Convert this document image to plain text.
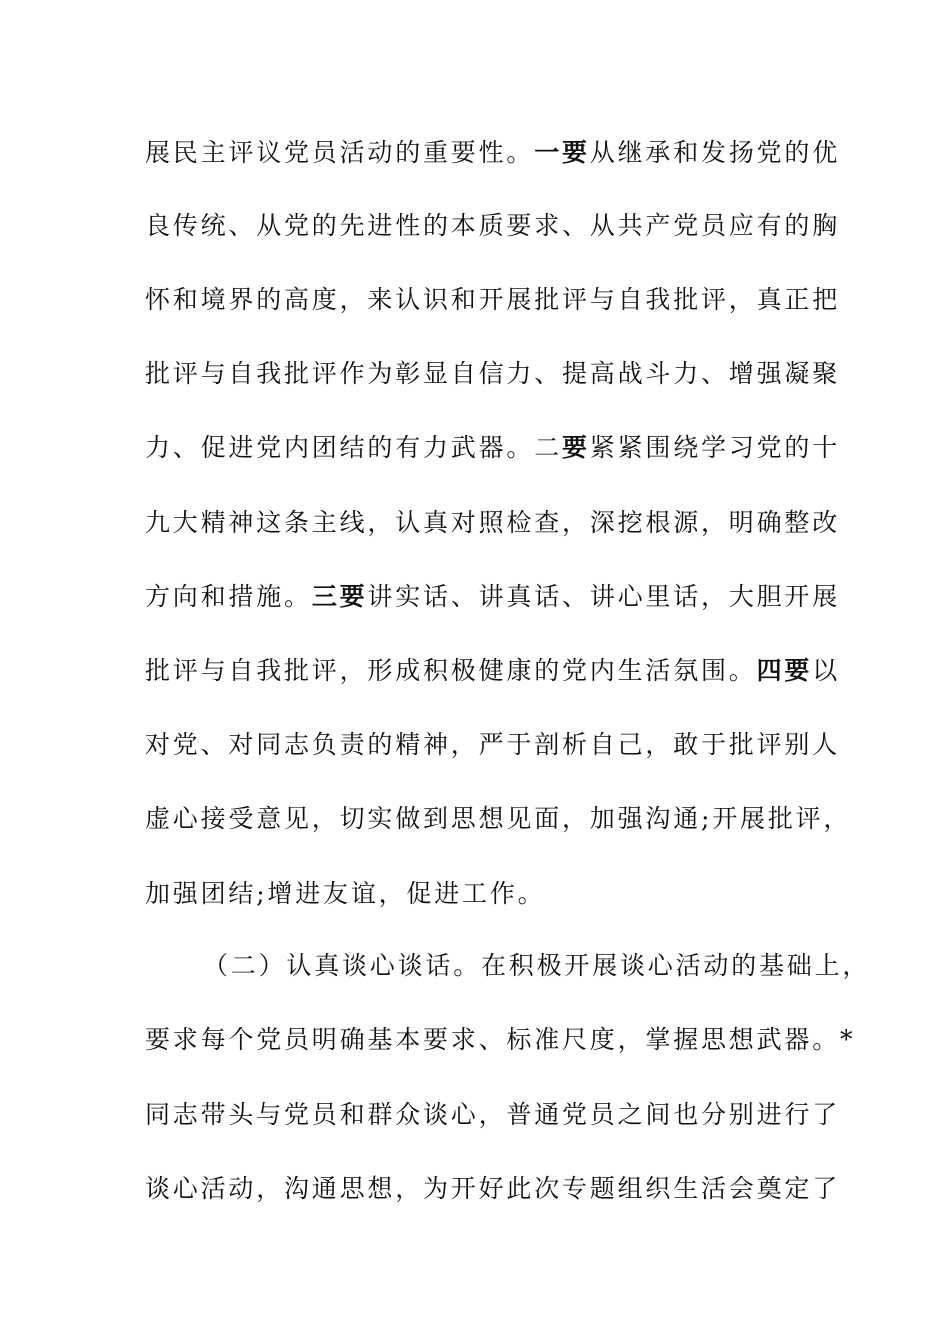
展民主评议党员活动的重要性。一要从继承和发扬党的优
良传统、从党的先进性的本质要求、从共产党员应有的胸
怀和境界的高度，来认识和开展批评与自我批评，真正把
批评与自我批评作为彰显自信力、提高战斗力、增强凝聚
力、促进党内团结的有力武器。二要紧紧围绕学习党的十
九大精神这条主线，认真对照检查，深挖根源，明确整改
方向和措施。三要讲实话、讲真话、讲心里话，大胆开展
批评与自我批评，形成积极健康的党内生活氛围。四要以
对党、对同志负责的精神，严于剖析自己，敢于批评别人
虚心接受意见，切实做到思想见面，加强沟通;开展批评，
加强团结;增进友谊，促进工作。
（二）认真谈心谈话。在积极开展谈心活动的基础上，
要求每个党员明确基本要求、标准尺度，掌握思想武器。*
同志带头与党员和群众谈心，普通党员之间也分别进行了
谈心活动，沟通思想，为开好此次专题组织生活会奠定了
